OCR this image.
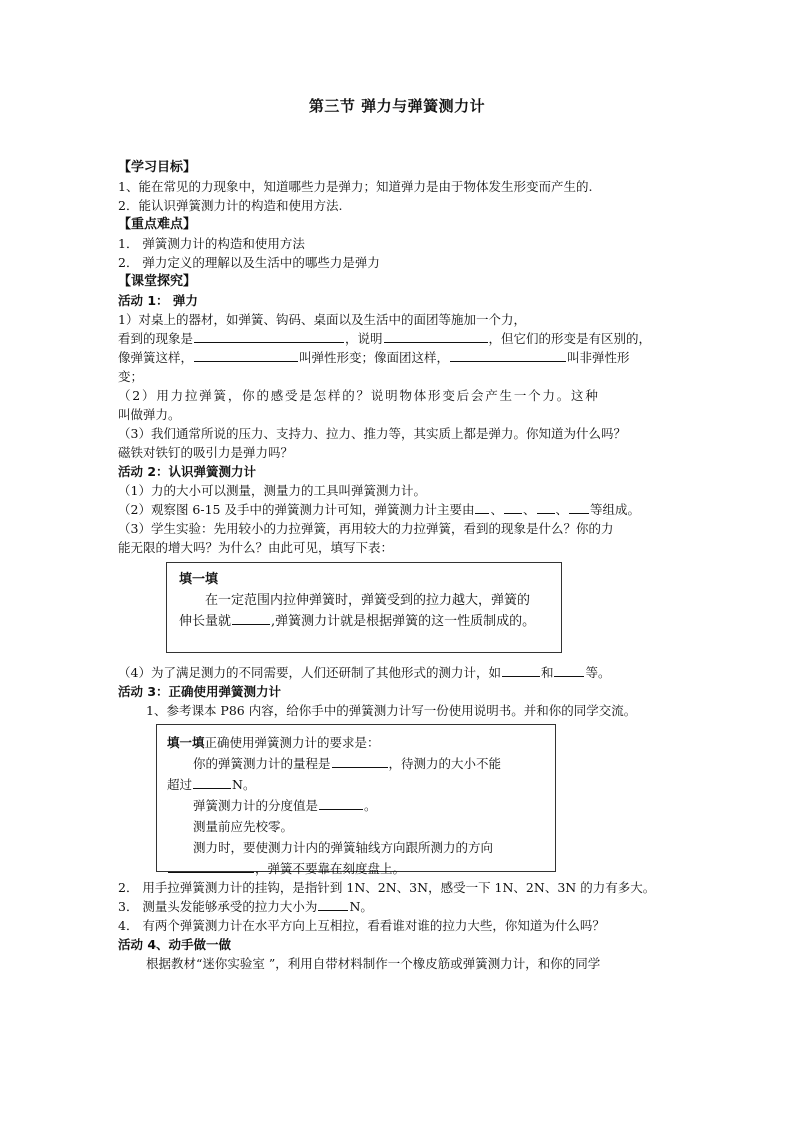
第三节 弹力与弹簧测力计
【学习目标】
1、能在常见的力现象中，知道哪些力是弹力；知道弹力是由于物体发生形变而产生的.
2．能认识弹簧测力计的构造和使用方法.
【重点难点】
1． 弹簧测力计的构造和使用方法
2． 弹力定义的理解以及生活中的哪些力是弹力
【课堂探究】
活动 1： 弹力
1）对桌上的器材，如弹簧、钩码、桌面以及生活中的面团等施加一个力，
看到的现象是	，说明	，但它们的形变是有区别的，
像弹簧这样，	叫弹性形变；像面团这样，	叫非弹性形
变；
（2）用力拉弹簧，你的感受是怎样的？说明物体形变后会产生一个力。这种
叫做弹力。
（3）我们通常所说的压力、支持力、拉力、推力等，其实质上都是弹力。你知道为什么吗？
磁铁对铁钉的吸引力是弹力吗？
活动 2：认识弹簧测力计
（1）力的大小可以测量，测量力的工具叫弹簧测力计。
（2）观察图 6-15 及手中的弹簧测力计可知，弹簧测力计主要由 、 、 、 等组成。
（3）学生实验：先用较小的力拉弹簧，再用较大的力拉弹簧，看到的现象是什么？你的力
能无限的增大吗？为什么？由此可见，填写下表：
填一填
在一定范围内拉伸弹簧时，弹簧受到的拉力越大，弹簧的
伸长量就	,弹簧测力计就是根据弹簧的这一性质制成的。
（4）为了满足测力的不同需要，人们还研制了其他形式的测力计，如	和	等。
活动 3：正确使用弹簧测力计
1、参考课本 P86 内容，给你手中的弹簧测力计写一份使用说明书。并和你的同学交流。
填一填正确使用弹簧测力计的要求是：
你的弹簧测力计的量程是	，待测力的大小不能
超过	N。
弹簧测力计的分度值是	。
测量前应先校零。
测力时，要使测力计内的弹簧轴线方向跟所测力的方向
，弹簧不要靠在刻度盘上。
2． 用手拉弹簧测力计的挂钩，是指针到 1N、2N、3N，感受一下 1N、2N、3N 的力有多大。
3． 测量头发能够承受的拉力大小为	N。
4． 有两个弹簧测力计在水平方向上互相拉，看看谁对谁的拉力大些，你知道为什么吗？
活动 4、动手做一做
根据教材“迷你实验室 ”，利用自带材料制作一个橡皮筋或弹簧测力计，和你的同学
